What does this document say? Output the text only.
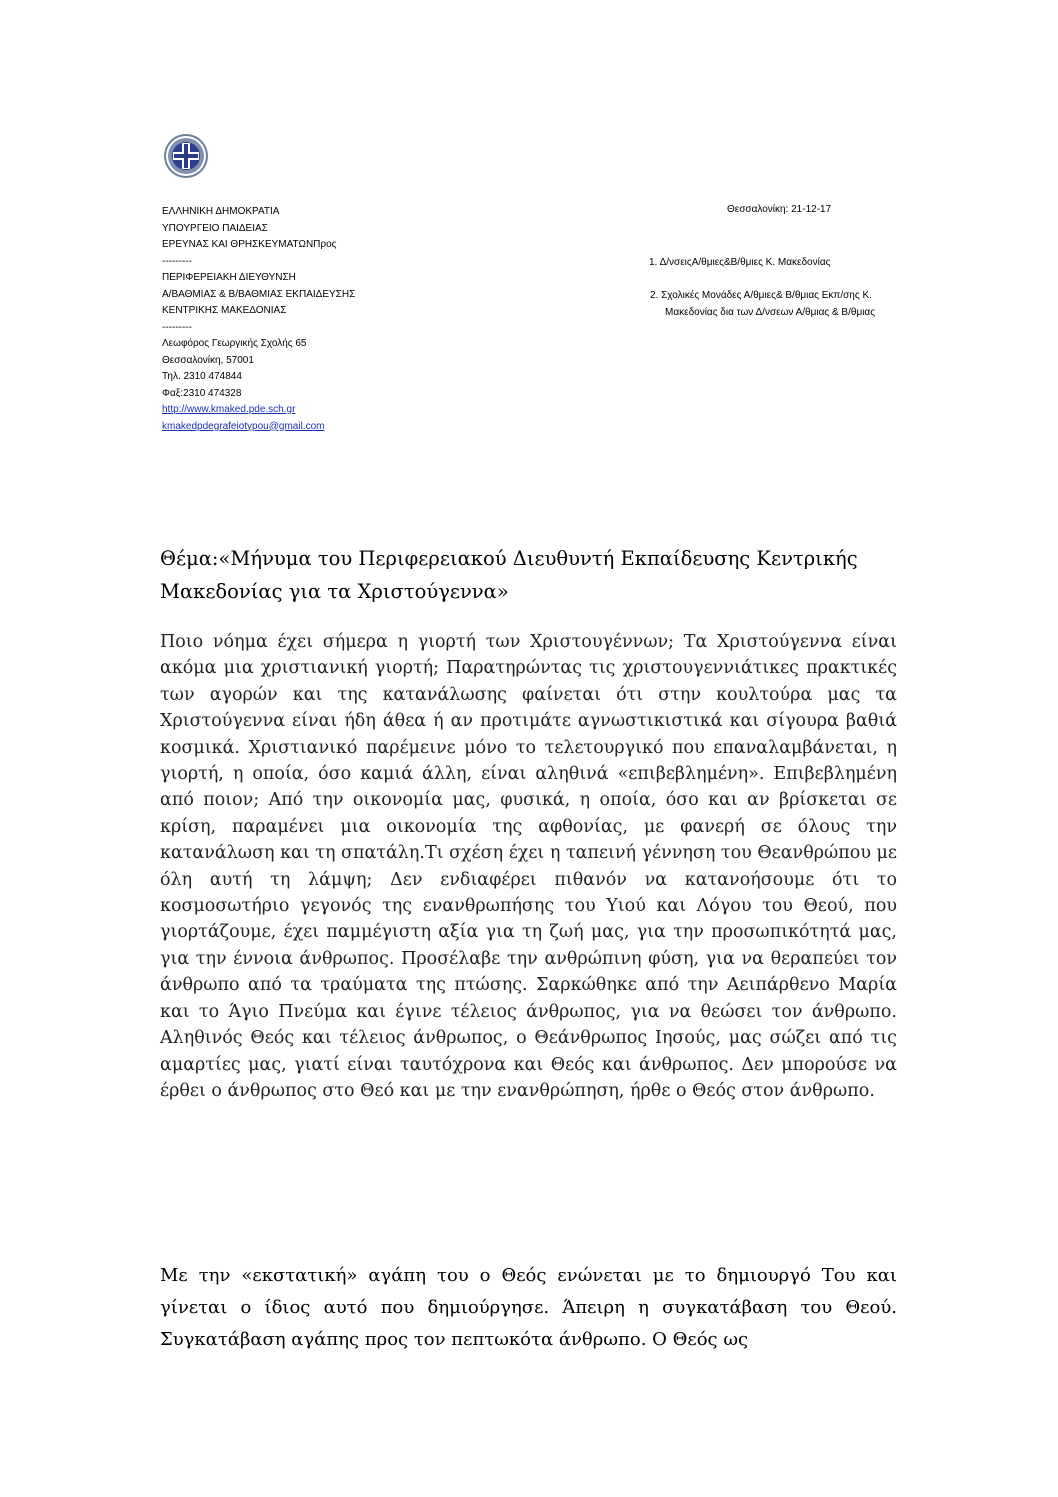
ΕΛΛΗΝΙΚΗ ΔΗΜΟΚΡΑΤΙΑ
ΥΠΟΥΡΓΕΙΟ ΠΑΙΔΕΙΑΣ
ΕΡΕΥΝΑΣ ΚΑΙ ΘΡΗΣΚΕΥΜΑΤΩΝΠρος
---------
ΠΕΡΙΦΕΡΕΙΑΚΗ ΔΙΕΥΘΥΝΣΗ
Α/ΒΑΘΜΙΑΣ & Β/ΒΑΘΜΙΑΣ ΕΚΠΑΙΔΕΥΣΗΣ
ΚΕΝΤΡΙΚΗΣ ΜΑΚΕΔΟΝΙΑΣ
---------
Λεωφόρος Γεωργικής Σχολής 65
Θεσσαλονίκη, 57001
Τηλ. 2310 474844
Φαξ:2310 474328
http://www.kmaked.pde.sch.gr
kmakedpdegrafeiotypou@gmail.com
Θεσσαλονίκη: 21-12-17
1. Δ/νσειςΑ/θμιες&Β/θμιες Κ. Μακεδονίας
2. Σχολικές Μονάδες Α/θμιες& Β/θμιας Εκπ/σης Κ.
Μακεδονίας δια των Δ/νσεων Α/θμιας & Β/θμιας
Θέμα:«Μήνυμα του Περιφερειακού Διευθυντή Εκπαίδευσης Κεντρικής Μακεδονίας για τα Χριστούγεννα»

Ποιο νόημα έχει σήμερα η γιορτή των Χριστουγέννων; Τα Χριστούγεννα είναι ακόμα μια χριστιανική γιορτή; Παρατηρώντας τις χριστουγεννιάτικες πρακτικές των αγορών και της κατανάλωσης φαίνεται ότι στην κουλτούρα μας τα Χριστούγεννα είναι ήδη άθεα ή αν προτιμάτε αγνωστικιστικά και σίγουρα βαθιά κοσμικά. Χριστιανικό παρέμεινε μόνο το τελετουργικό που επαναλαμβάνεται, η γιορτή, η οποία, όσο καμιά άλλη, είναι αληθινά «επιβεβλημένη». Επιβεβλημένη από ποιον; Από την οικονομία μας, φυσικά, η οποία, όσο και αν βρίσκεται σε κρίση, παραμένει μια οικονομία της αφθονίας, με φανερή σε όλους την κατανάλωση και τη σπατάλη.Τι σχέση έχει η ταπεινή γέννηση του Θεανθρώπου με όλη αυτή τη λάμψη; Δεν ενδιαφέρει πιθανόν να κατανοήσουμε ότι το κοσμοσωτήριο γεγονός της ενανθρωπήσης του Υιού και Λόγου του Θεού, που γιορτάζουμε, έχει παμμέγιστη αξία για τη ζωή μας, για την προσωπικότητά μας, για την έννοια άνθρωπος. Προσέλαβε την ανθρώπινη φύση, για να θεραπεύει τον άνθρωπο από τα τραύματα της πτώσης. Σαρκώθηκε από την Αειπάρθενο Μαρία και το Άγιο Πνεύμα και έγινε τέλειος άνθρωπος, για να θεώσει τον άνθρωπο. Αληθινός Θεός και τέλειος άνθρωπος, ο Θεάνθρωπος Ιησούς, μας σώζει από τις αμαρτίες μας, γιατί είναι ταυτόχρονα και Θεός και άνθρωπος. Δεν μπορούσε να έρθει ο άνθρωπος στο Θεό και με την ενανθρώπηση, ήρθε ο Θεός στον άνθρωπο.

Με την «εκστατική» αγάπη του ο Θεός ενώνεται με το δημιουργό Του και γίνεται ο ίδιος αυτό που δημιούργησε. Άπειρη η συγκατάβαση του Θεού. Συγκατάβαση αγάπης προς τον πεπτωκότα άνθρωπο. Ο Θεός ως
